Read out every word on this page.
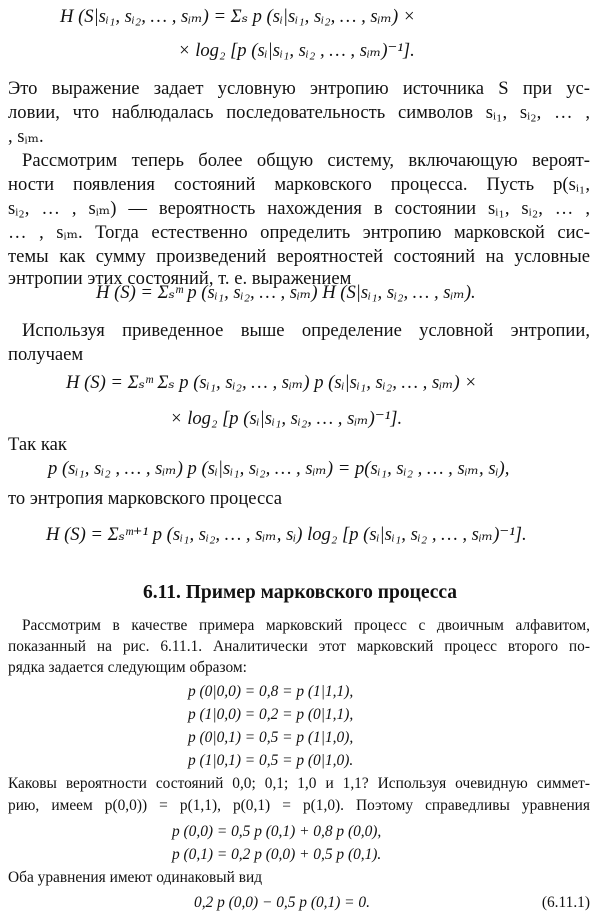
H (S|sᵢ₁, sᵢ₂, … , sᵢₘ) = Σₛ p (sᵢ|sᵢ₁, sᵢ₂, … , sᵢₘ) ×
× log₂ [p (sᵢ|sᵢ₁, sᵢ₂ , … , sᵢₘ)⁻¹].
Это выражение задает условную энтропию источника S при ус-
ловии, что наблюдалась последовательность символов sᵢ₁, sᵢ₂, … ,
, sᵢₘ.
Рассмотрим теперь более общую систему, включающую вероят-
ности появления состояний марковского процесса. Пусть p(sᵢ₁,
sᵢ₂, … , sᵢₘ) — вероятность нахождения в состоянии sᵢ₁, sᵢ₂, … ,
… , sᵢₘ. Тогда естественно определить энтропию марковской сис-
темы как сумму произведений вероятностей состояний на условные
энтропии этих состояний, т. е. выражением
H (S) = Σₛᵐ p (sᵢ₁, sᵢ₂, … , sᵢₘ) H (S|sᵢ₁, sᵢ₂, … , sᵢₘ).
Используя приведенное выше определение условной энтропии,
получаем
H (S) = Σₛᵐ Σₛ p (sᵢ₁, sᵢ₂, … , sᵢₘ) p (sᵢ|sᵢ₁, sᵢ₂, … , sᵢₘ) ×
× log₂ [p (sᵢ|sᵢ₁, sᵢ₂, … , sᵢₘ)⁻¹].
Так как
p (sᵢ₁, sᵢ₂ , … , sᵢₘ) p (sᵢ|sᵢ₁, sᵢ₂, … , sᵢₘ) = p(sᵢ₁, sᵢ₂ , … , sᵢₘ, sᵢ),
то энтропия марковского процесса
H (S) = Σₛᵐ⁺¹ p (sᵢ₁, sᵢ₂, … , sᵢₘ, sᵢ) log₂ [p (sᵢ|sᵢ₁, sᵢ₂ , … , sᵢₘ)⁻¹].
6.11. Пример марковского процесса
Рассмотрим в качестве примера марковский процесс с двоичным алфавитом,
показанный на рис. 6.11.1. Аналитически этот марковский процесс второго по-
рядка задается следующим образом:
p (0|0,0) = 0,8 = p (1|1,1),
p (1|0,0) = 0,2 = p (0|1,1),
p (0|0,1) = 0,5 = p (1|1,0),
p (1|0,1) = 0,5 = p (0|1,0).
Каковы вероятности состояний 0,0; 0,1; 1,0 и 1,1? Используя очевидную симмет-
рию, имеем p(0,0)) = p(1,1), p(0,1) = p(1,0). Поэтому справедливы уравнения
p (0,0) = 0,5 p (0,1) + 0,8 p (0,0),
p (0,1) = 0,2 p (0,0) + 0,5 p (0,1).
Оба уравнения имеют одинаковый вид
0,2 p (0,0) − 0,5 p (0,1) = 0.	(6.11.1)
